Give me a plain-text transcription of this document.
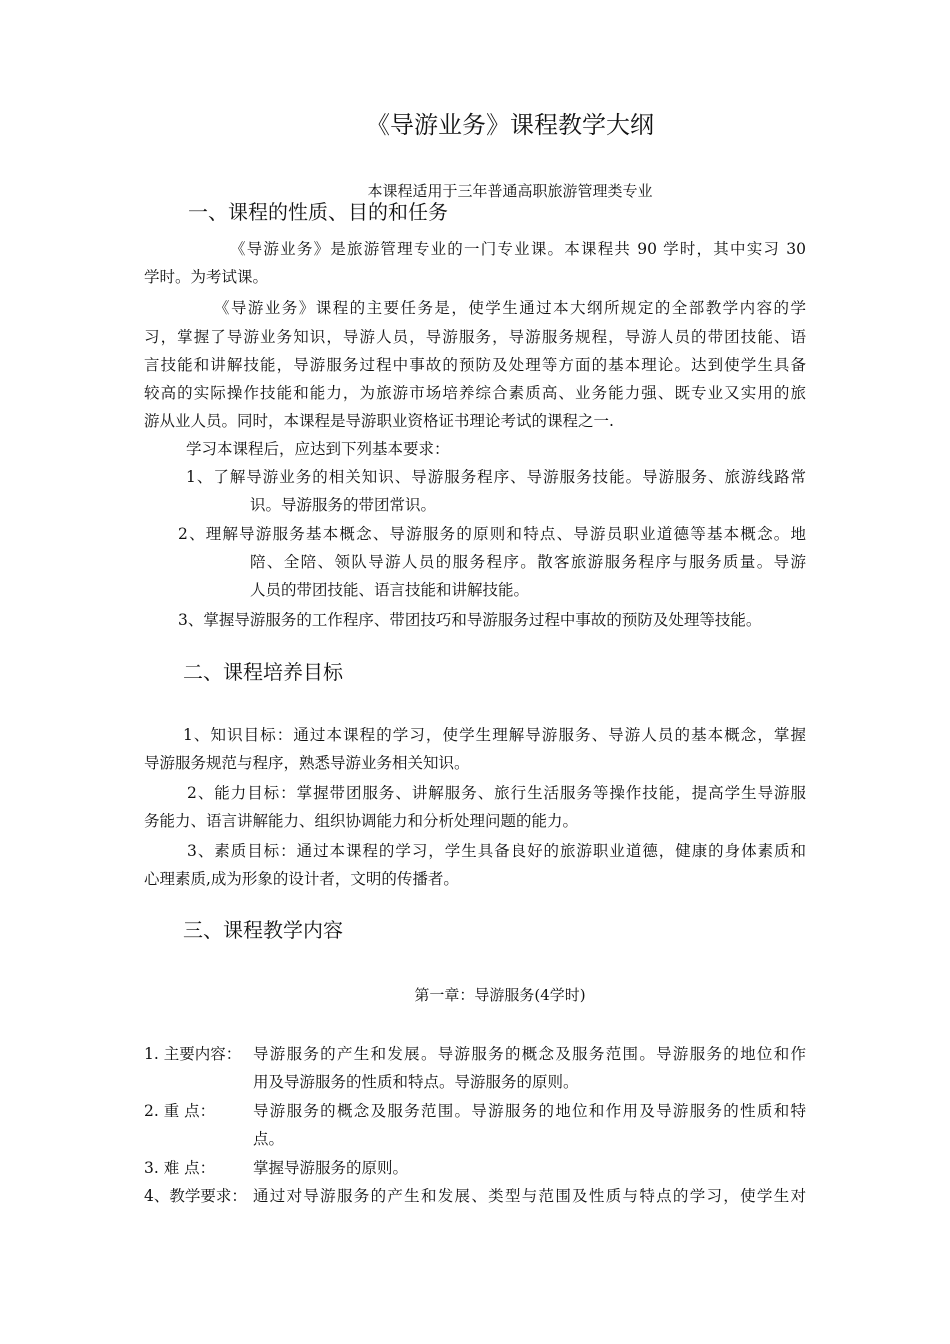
《导游业务》课程教学大纲
本课程适用于三年普通高职旅游管理类专业
一、课程的性质、目的和任务
《导游业务》是旅游管理专业的一门专业课。本课程共 90 学时，其中实习 30
学时。为考试课。
《导游业务》课程的主要任务是，使学生通过本大纲所规定的全部教学内容的学
习，掌握了导游业务知识，导游人员，导游服务，导游服务规程，导游人员的带团技能、语
言技能和讲解技能，导游服务过程中事故的预防及处理等方面的基本理论。达到使学生具备
较高的实际操作技能和能力，为旅游市场培养综合素质高、业务能力强、既专业又实用的旅
游从业人员。同时，本课程是导游职业资格证书理论考试的课程之一.
学习本课程后，应达到下列基本要求：
1、了解导游业务的相关知识、导游服务程序、导游服务技能。导游服务、旅游线路常
识。导游服务的带团常识。
2、理解导游服务基本概念、导游服务的原则和特点、导游员职业道德等基本概念。地
陪、全陪、领队导游人员的服务程序。散客旅游服务程序与服务质量。导游
人员的带团技能、语言技能和讲解技能。
3、掌握导游服务的工作程序、带团技巧和导游服务过程中事故的预防及处理等技能。
二、课程培养目标
1、知识目标：通过本课程的学习，使学生理解导游服务、导游人员的基本概念，掌握
导游服务规范与程序，熟悉导游业务相关知识。
2、能力目标：掌握带团服务、讲解服务、旅行生活服务等操作技能，提高学生导游服
务能力、语言讲解能力、组织协调能力和分析处理问题的能力。
3、素质目标：通过本课程的学习，学生具备良好的旅游职业道德，健康的身体素质和
心理素质,成为形象的设计者，文明的传播者。
三、课程教学内容
第一章：导游服务(4学时)
1. 主要内容： 导游服务的产生和发展。导游服务的概念及服务范围。导游服务的地位和作
用及导游服务的性质和特点。导游服务的原则。
2. 重 点： 导游服务的概念及服务范围。导游服务的地位和作用及导游服务的性质和特
点。
3. 难 点： 掌握导游服务的原则。
4、教学要求： 通过对导游服务的产生和发展、类型与范围及性质与特点的学习，使学生对
